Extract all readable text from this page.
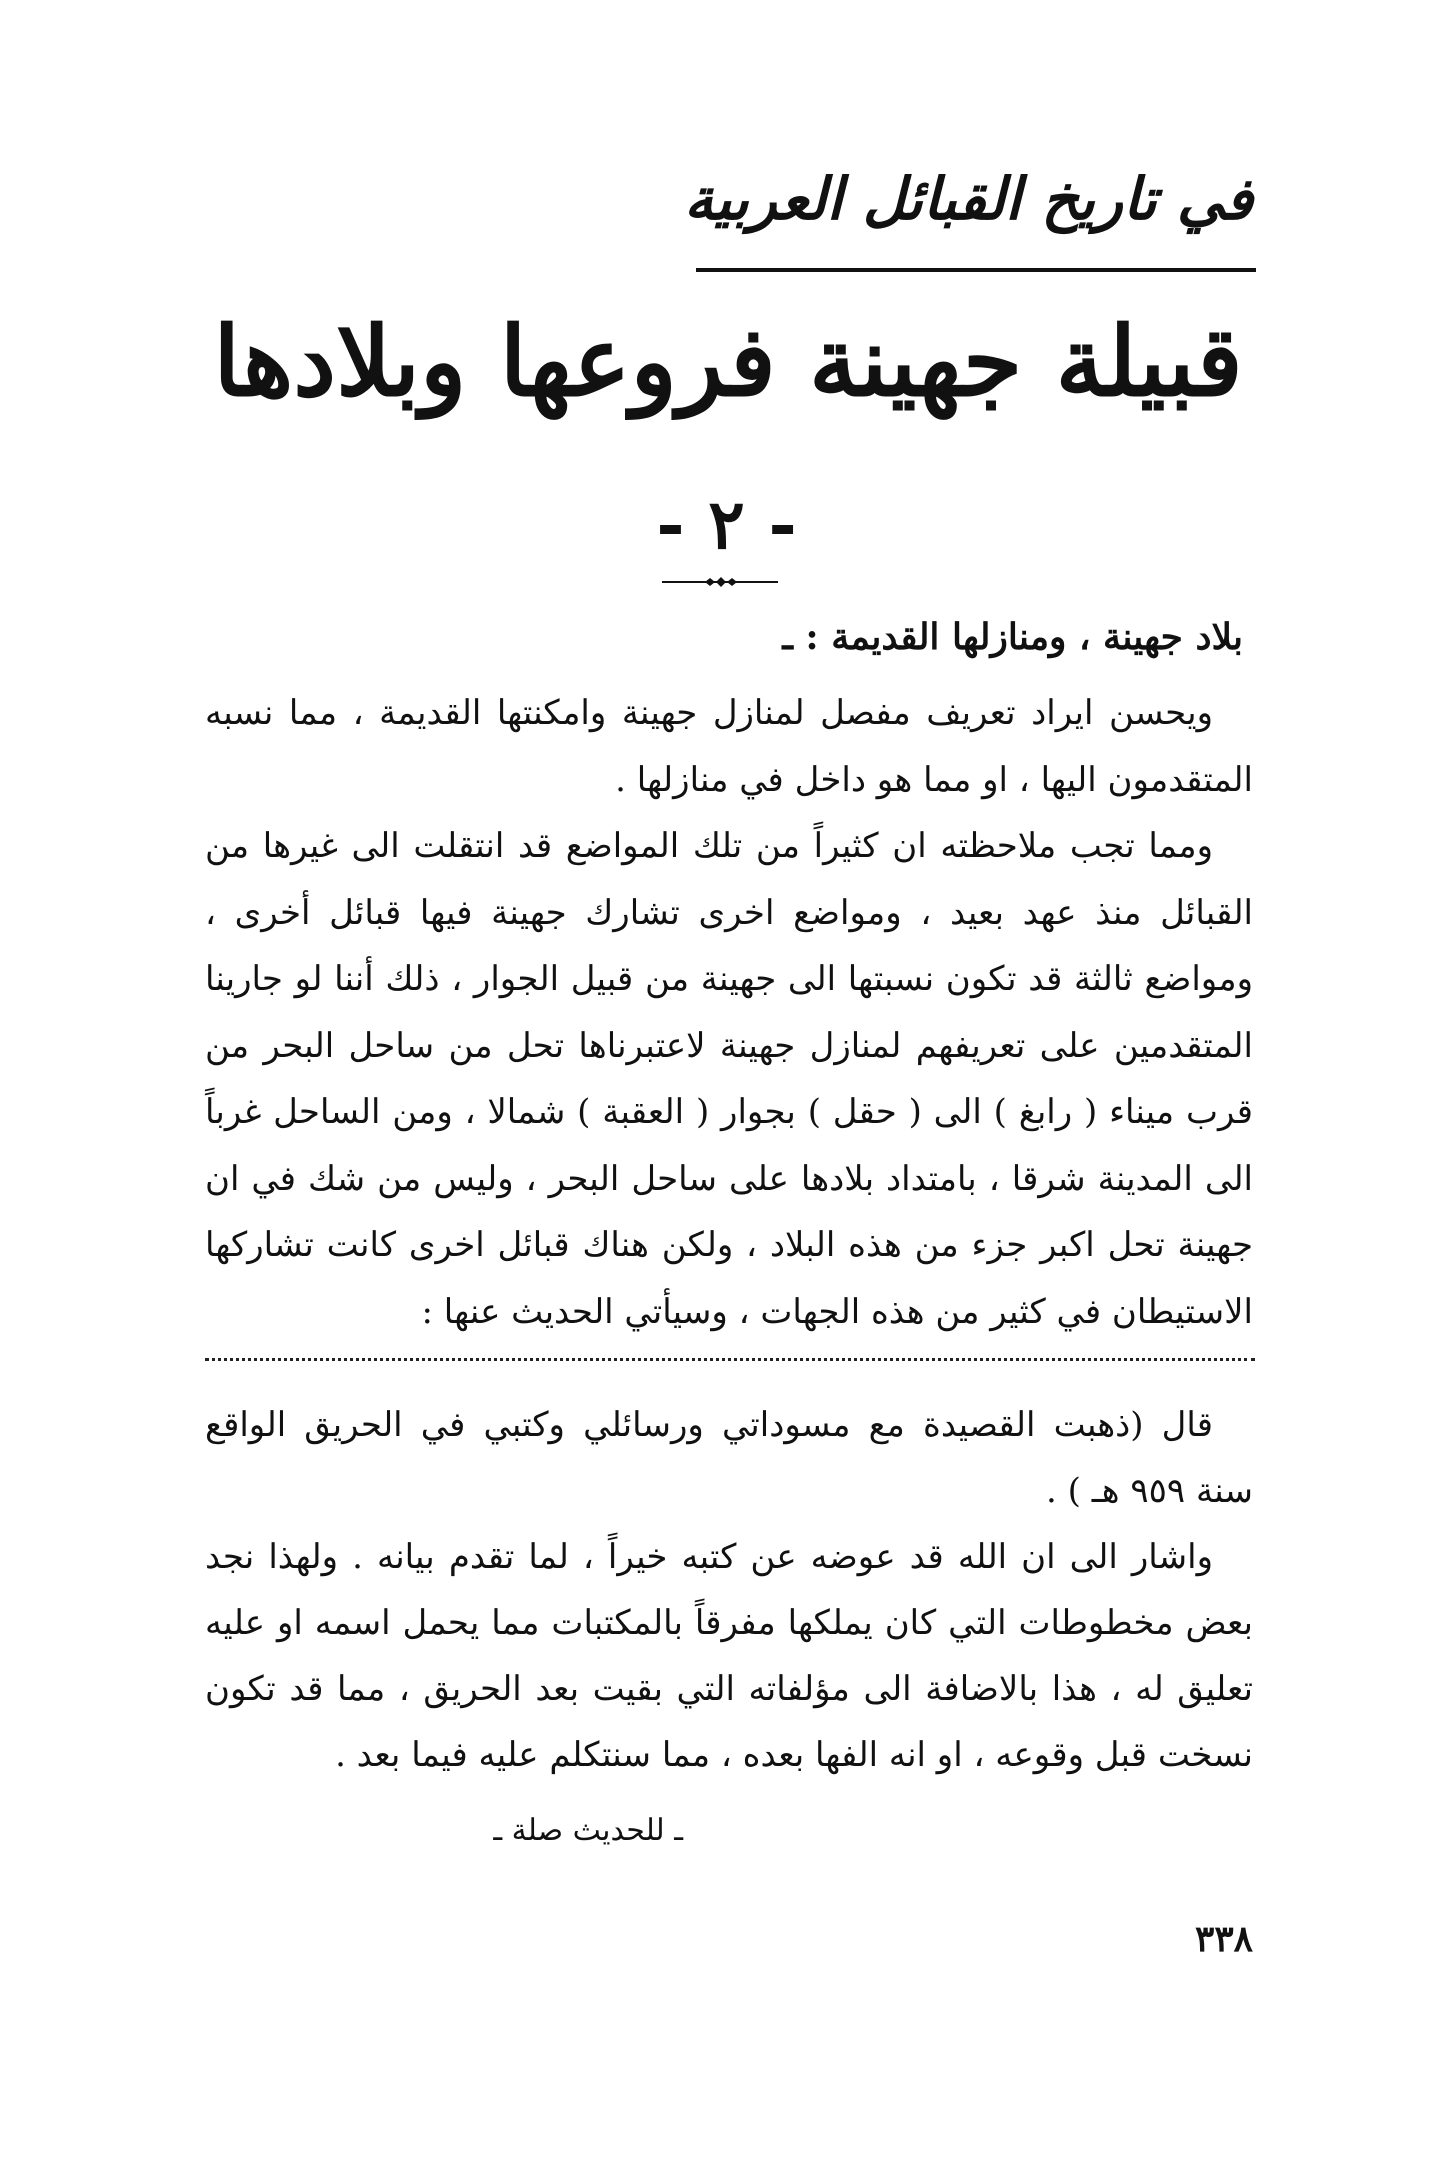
في تاريخ القبائل العربية
قبيلة جهينة فروعها وبلادها
- ٢ -
بلاد جهينة ، ومنازلها القديمة : ـ

ويحسن ايراد تعريف مفصل لمنازل جهينة وامكنتها القديمة ، مما نسبه المتقدمون اليها ، او مما هو داخل في منازلها .

ومما تجب ملاحظته ان كثيراً من تلك المواضع قد انتقلت الى غيرها من القبائل منذ عهد بعيد ، ومواضع اخرى تشارك جهينة فيها قبائل أخرى ، ومواضع ثالثة قد تكون نسبتها الى جهينة من قبيل الجوار ، ذلك أننا لو جارينا المتقدمين على تعريفهم لمنازل جهينة لاعتبرناها تحل من ساحل البحر من قرب ميناء ( رابغ ) الى ( حقل ) بجوار ( العقبة ) شمالا ، ومن الساحل غرباً الى المدينة شرقا ، بامتداد بلادها على ساحل البحر ، وليس من شك في ان جهينة تحل اكبر جزء من هذه البلاد ، ولكن هناك قبائل اخرى كانت تشاركها الاستيطان في كثير من هذه الجهات ، وسيأتي الحديث عنها :

قال (ذهبت القصيدة مع مسوداتي ورسائلي وكتبي في الحريق الواقع سنة ٩٥٩ هـ ) .

واشار الى ان الله قد عوضه عن كتبه خيراً ، لما تقدم بيانه . ولهذا نجد بعض مخطوطات التي كان يملكها مفرقاً بالمكتبات مما يحمل اسمه او عليه تعليق له ، هذا بالاضافة الى مؤلفاته التي بقيت بعد الحريق ، مما قد تكون نسخت قبل وقوعه ، او انه الفها بعده ، مما سنتكلم عليه فيما بعد .

ـ للحديث صلة ـ
٣٣٨
